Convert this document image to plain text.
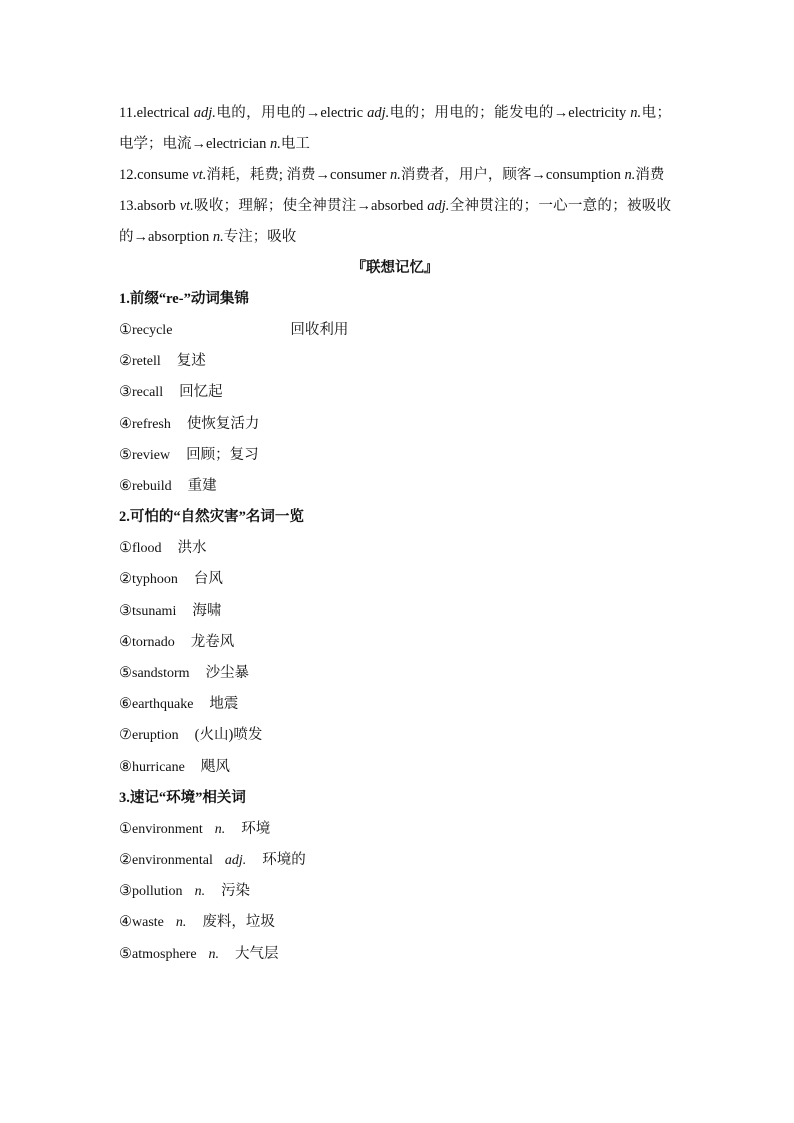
11.electrical adj.电的，用电的→electric adj.电的；用电的；能发电的→electricity n.电；电学；电流→electrician n.电工

12.consume vt.消耗，耗费; 消费→consumer n.消费者，用户，顾客→consumption n.消费

13.absorb vt.吸收；理解；使全神贯注→absorbed adj.全神贯注的；一心一意的；被吸收的→absorption n.专注；吸收

『联想记忆』

1.前缀“re-”动词集锦

①recycle	回收利用

②retell 复述

③recall 回忆起

④refresh 使恢复活力

⑤review 回顾；复习

⑥rebuild 重建

2.可怕的“自然灾害”名词一览

①flood 洪水

②typhoon 台风

③tsunami 海啸

④tornado 龙卷风

⑤sandstorm 沙尘暴

⑥earthquake 地震

⑦eruption (火山)喷发

⑧hurricane 飓风

3.速记“环境”相关词

①environment n. 环境

②environmental adj. 环境的

③pollution n. 污染

④waste n. 废料，垃圾

⑤atmosphere n. 大气层
